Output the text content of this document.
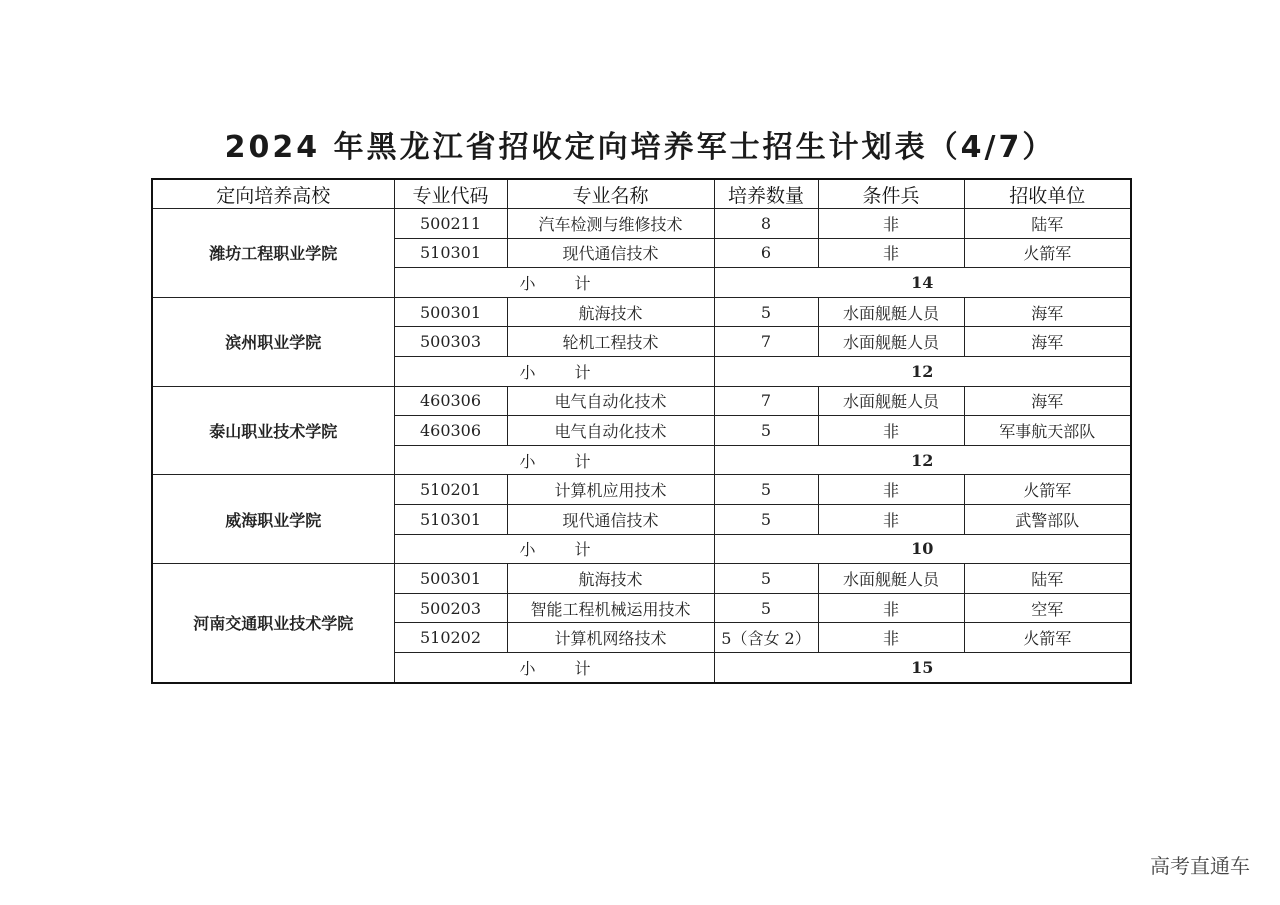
2024 年黑龙江省招收定向培养军士招生计划表（4/7）
定向培养高校	专业代码	专业名称	培养数量	条件兵	招收单位
潍坊工程职业学院	500211	汽车检测与维修技术	8	非	陆军
	510301	现代通信技术	6	非	火箭军
	小 计		14		
滨州职业学院	500301	航海技术	5	水面舰艇人员	海军
	500303	轮机工程技术	7	水面舰艇人员	海军
	小 计		12		
泰山职业技术学院	460306	电气自动化技术	7	水面舰艇人员	海军
	460306	电气自动化技术	5	非	军事航天部队
	小 计		12		
威海职业学院	510201	计算机应用技术	5	非	火箭军
	510301	现代通信技术	5	非	武警部队
	小 计		10		
河南交通职业技术学院	500301	航海技术	5	水面舰艇人员	陆军
	500203	智能工程机械运用技术	5	非	空军
	510202	计算机网络技术	5（含女 2）	非	火箭军
	小 计		15		
高考直通车
